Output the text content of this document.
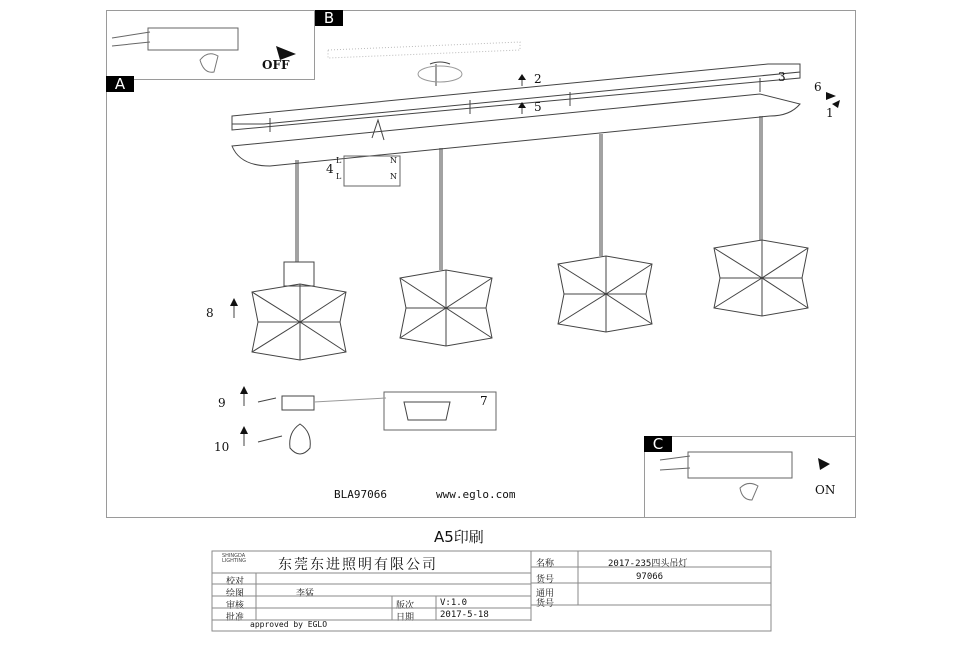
B
A
C
OFF
ON
2
5
3
6
1
4
8
9	7
10
L	N
L	N
BLA97066	www.eglo.com
A5印刷
SHINGDA LIGHTING	东莞东进照明有限公司
校对
绘图	李猛
审核
批准
版次	V:1.0
日期	2017-5-18
approved by EGLO
名称	2017-235四头吊灯
货号	97066
通用
货号
